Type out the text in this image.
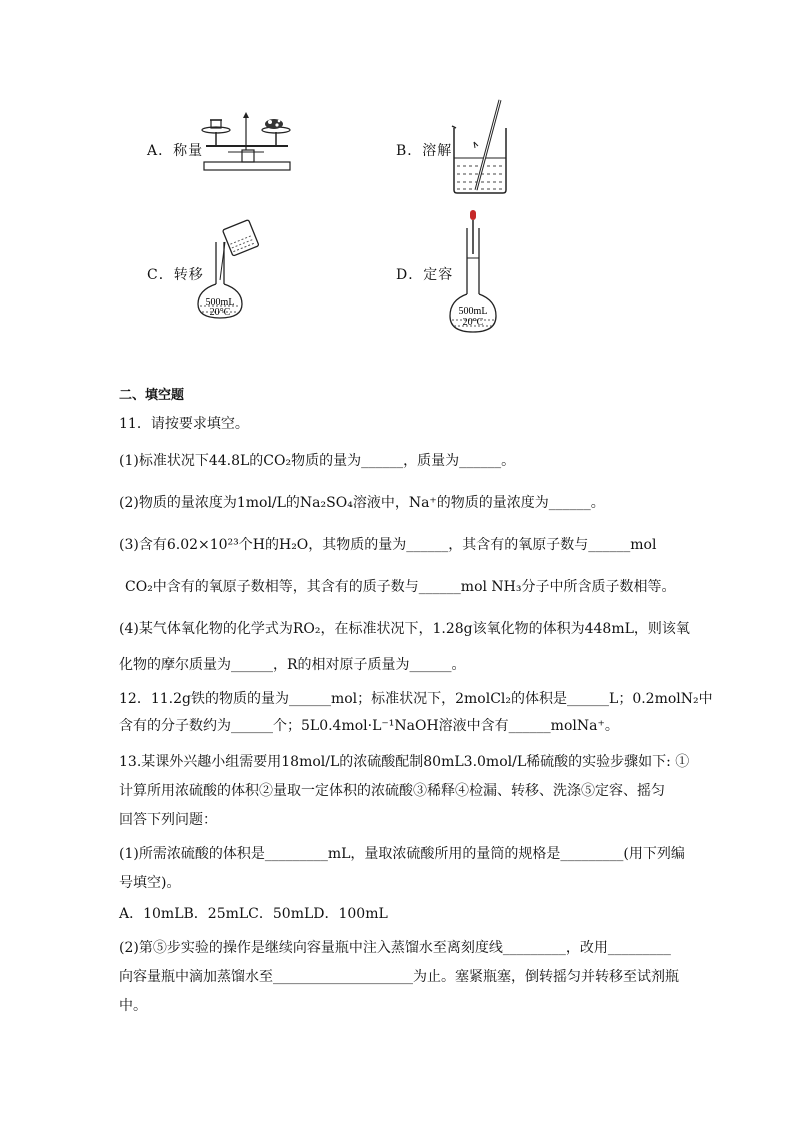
A．称量	B．溶解
C．转移	D．定容
500mL
20°C	500mL
20°C
二、填空题
11．请按要求填空。
(1)标准状况下44.8L的CO₂物质的量为______，质量为______。
(2)物质的量浓度为1mol/L的Na₂SO₄溶液中，Na⁺的物质的量浓度为______。
(3)含有6.02×10²³个H的H₂O，其物质的量为______，其含有的氧原子数与______mol
CO₂中含有的氧原子数相等，其含有的质子数与______mol NH₃分子中所含质子数相等。
(4)某气体氧化物的化学式为RO₂，在标准状况下，1.28g该氧化物的体积为448mL，则该氧
化物的摩尔质量为______，R的相对原子质量为______。
12．11.2g铁的物质的量为______mol；标准状况下，2molCl₂的体积是______L；0.2molN₂中
含有的分子数约为______个；5L0.4mol·L⁻¹NaOH溶液中含有______molNa⁺。
13.某课外兴趣小组需要用18mol/L的浓硫酸配制80mL3.0mol/L稀硫酸的实验步骤如下: ①
计算所用浓硫酸的体积②量取一定体积的浓硫酸③稀释④检漏、转移、洗涤⑤定容、摇匀
回答下列问题：
(1)所需浓硫酸的体积是_________mL，量取浓硫酸所用的量筒的规格是_________(用下列编
号填空)。
A．10mLB．25mLC．50mLD．100mL
(2)第⑤步实验的操作是继续向容量瓶中注入蒸馏水至离刻度线_________，改用_________
向容量瓶中滴加蒸馏水至____________________为止。塞紧瓶塞，倒转摇匀并转移至试剂瓶
中。
